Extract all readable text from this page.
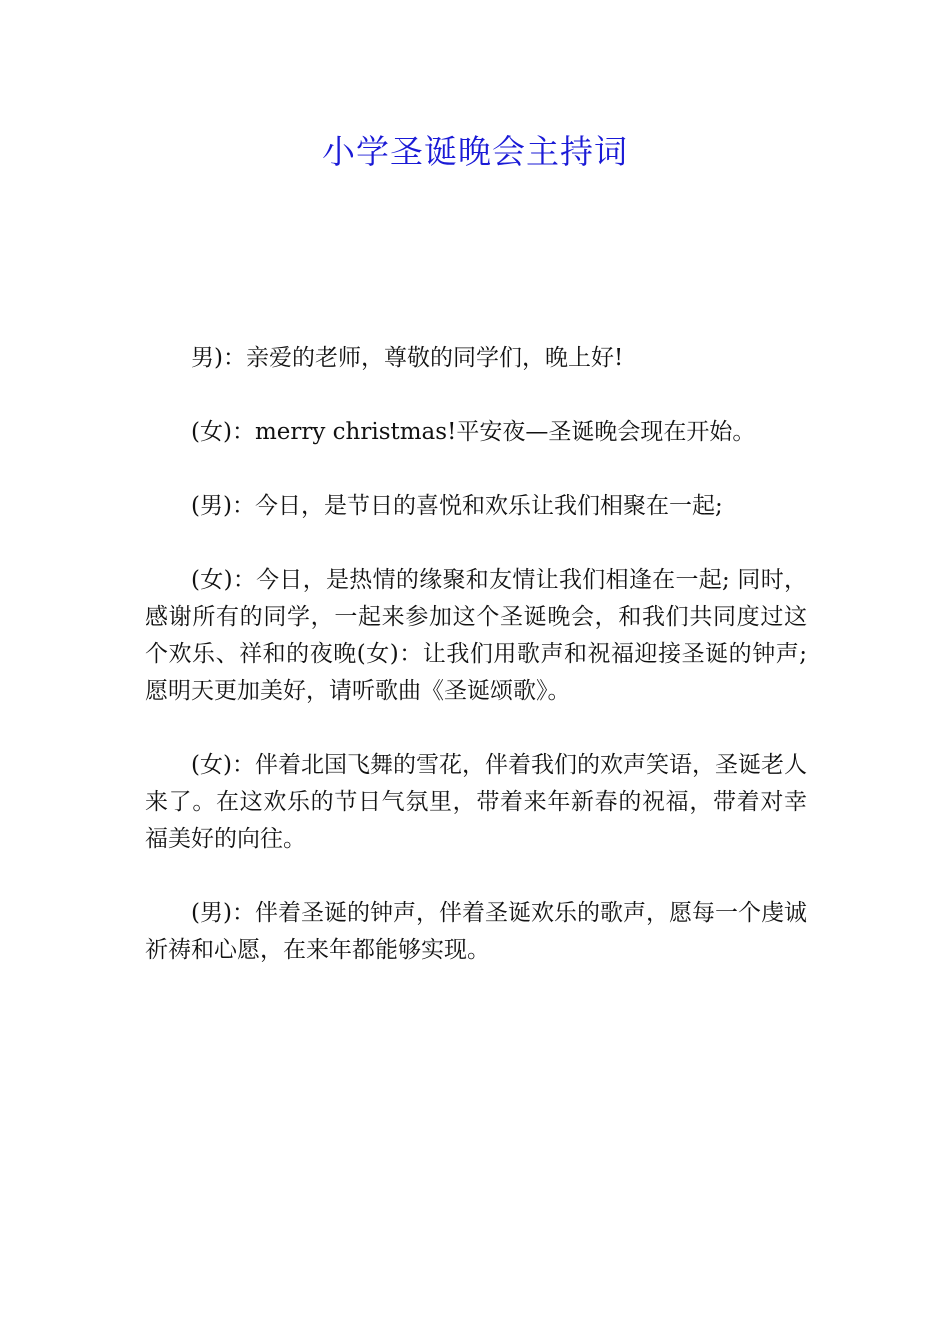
小学圣诞晚会主持词

男)：亲爱的老师，尊敬的同学们，晚上好!

(女)：merry christmas!平安夜—圣诞晚会现在开始。

(男)：今日，是节日的喜悦和欢乐让我们相聚在一起;

(女)：今日，是热情的缘聚和友情让我们相逢在一起; 同时，感谢所有的同学，一起来参加这个圣诞晚会，和我们共同度过这个欢乐、祥和的夜晚(女)：让我们用歌声和祝福迎接圣诞的钟声;愿明天更加美好，请听歌曲《圣诞颂歌》。

(女)：伴着北国飞舞的雪花，伴着我们的欢声笑语，圣诞老人来了。在这欢乐的节日气氛里，带着来年新春的祝福，带着对幸福美好的向往。

(男)：伴着圣诞的钟声，伴着圣诞欢乐的歌声，愿每一个虔诚祈祷和心愿，在来年都能够实现。
